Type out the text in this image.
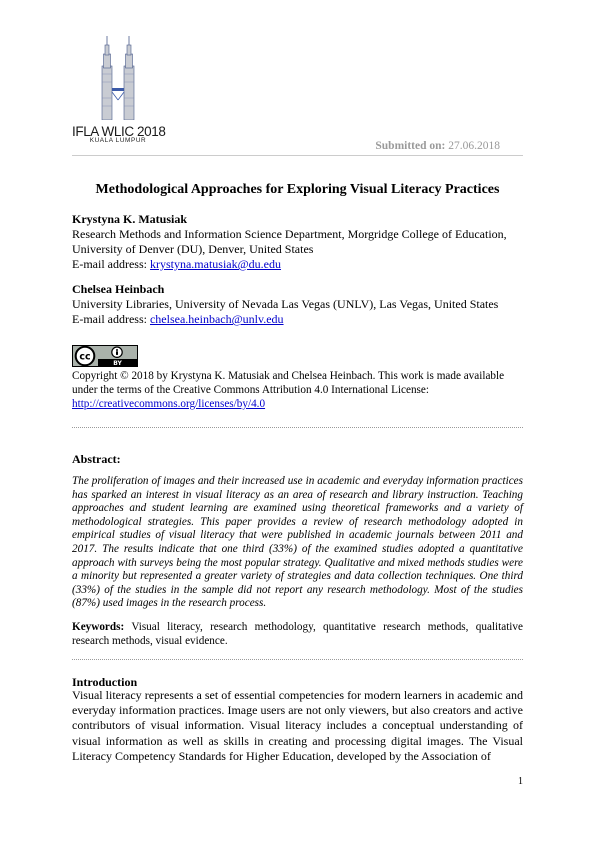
IFLA WLIC 2018
KUALA LUMPUR	Submitted on: 27.06.2018
Methodological Approaches for Exploring Visual Literacy Practices
Krystyna K. Matusiak
Research Methods and Information Science Department, Morgridge College of Education, University of Denver (DU), Denver, United States
E-mail address: krystyna.matusiak@du.edu
Chelsea Heinbach
University Libraries, University of Nevada Las Vegas (UNLV), Las Vegas, United States
E-mail address: chelsea.heinbach@unlv.edu
cc
BY
Copyright © 2018 by Krystyna K. Matusiak and Chelsea Heinbach. This work is made available under the terms of the Creative Commons Attribution 4.0 International License:
http://creativecommons.org/licenses/by/4.0
Abstract:
The proliferation of images and their increased use in academic and everyday information practices has sparked an interest in visual literacy as an area of research and library instruction. Teaching approaches and student learning are examined using theoretical frameworks and a variety of methodological strategies. This paper provides a review of research methodology adopted in empirical studies of visual literacy that were published in academic journals between 2011 and 2017. The results indicate that one third (33%) of the examined studies adopted a quantitative approach with surveys being the most popular strategy. Qualitative and mixed methods studies were a minority but represented a greater variety of strategies and data collection techniques. One third (33%) of the studies in the sample did not report any research methodology. Most of the studies (87%) used images in the research process.
Keywords: Visual literacy, research methodology, quantitative research methods, qualitative research methods, visual evidence.
Introduction
Visual literacy represents a set of essential competencies for modern learners in academic and everyday information practices. Image users are not only viewers, but also creators and active contributors of visual information. Visual literacy includes a conceptual understanding of visual information as well as skills in creating and processing digital images. The Visual Literacy Competency Standards for Higher Education, developed by the Association of
1
